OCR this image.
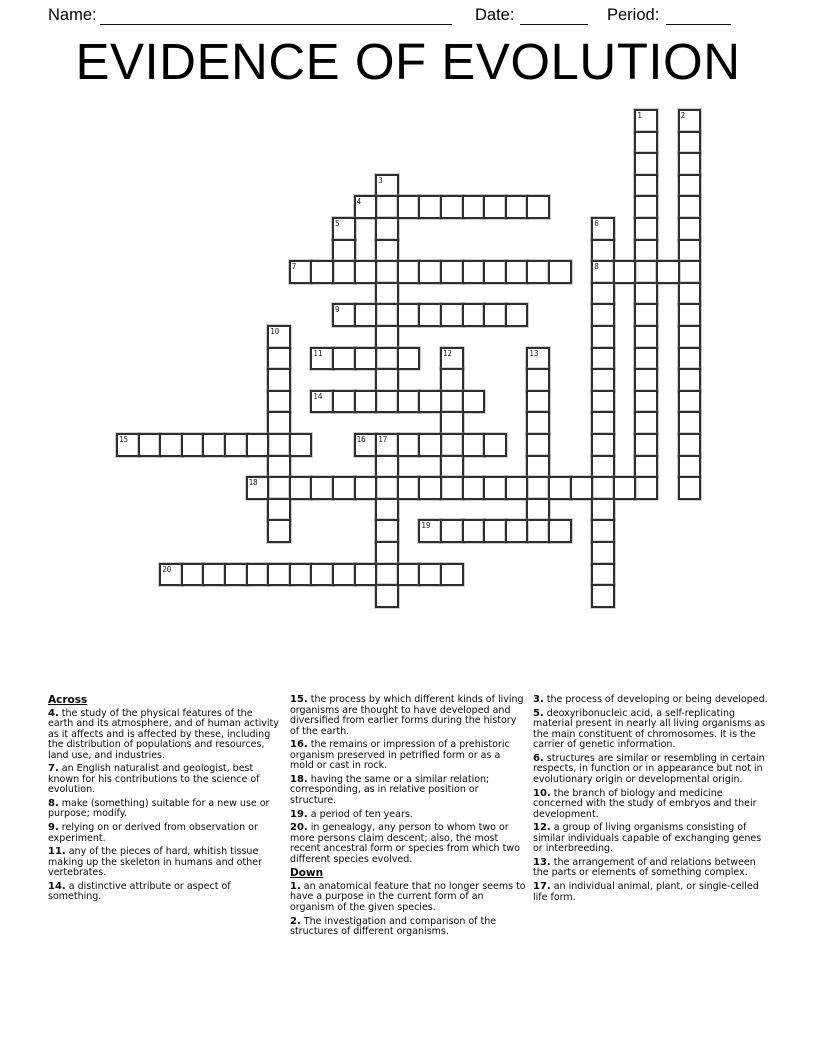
Name:	Date:	Period:
EVIDENCE OF EVOLUTION
1	2
3
4
5	6
8
7
9
10
11	12	13
14
15	16 17
18
19
20
Across

4. the study of the physical features of the earth and its atmosphere, and of human activity as it affects and is affected by these, including the distribution of populations and resources, land use, and industries.

7. an English naturalist and geologist, best known for his contributions to the science of evolution.

8. make (something) suitable for a new use or purpose; modify.

9. relying on or derived from observation or experiment.

11. any of the pieces of hard, whitish tissue making up the skeleton in humans and other vertebrates.

14. a distinctive attribute or aspect of something.

15. the process by which different kinds of living organisms are thought to have developed and diversified from earlier forms during the history of the earth.

16. the remains or impression of a prehistoric organism preserved in petrified form or as a mold or cast in rock.

18. having the same or a similar relation; corresponding, as in relative position or structure.

19. a period of ten years.

20. in genealogy, any person to whom two or more persons claim descent; also, the most recent ancestral form or species from which two different species evolved.

Down

1. an anatomical feature that no longer seems to have a purpose in the current form of an organism of the given species.

2. The investigation and comparison of the structures of different organisms.

3. the process of developing or being developed.

5. deoxyribonucleic acid, a self-replicating material present in nearly all living organisms as the main constituent of chromosomes. It is the carrier of genetic information.

6. structures are similar or resembling in certain respects, in function or in appearance but not in evolutionary origin or developmental origin.

10. the branch of biology and medicine concerned with the study of embryos and their development.

12. a group of living organisms consisting of similar individuals capable of exchanging genes or interbreeding.

13. the arrangement of and relations between the parts or elements of something complex.

17. an individual animal, plant, or single-celled life form.
